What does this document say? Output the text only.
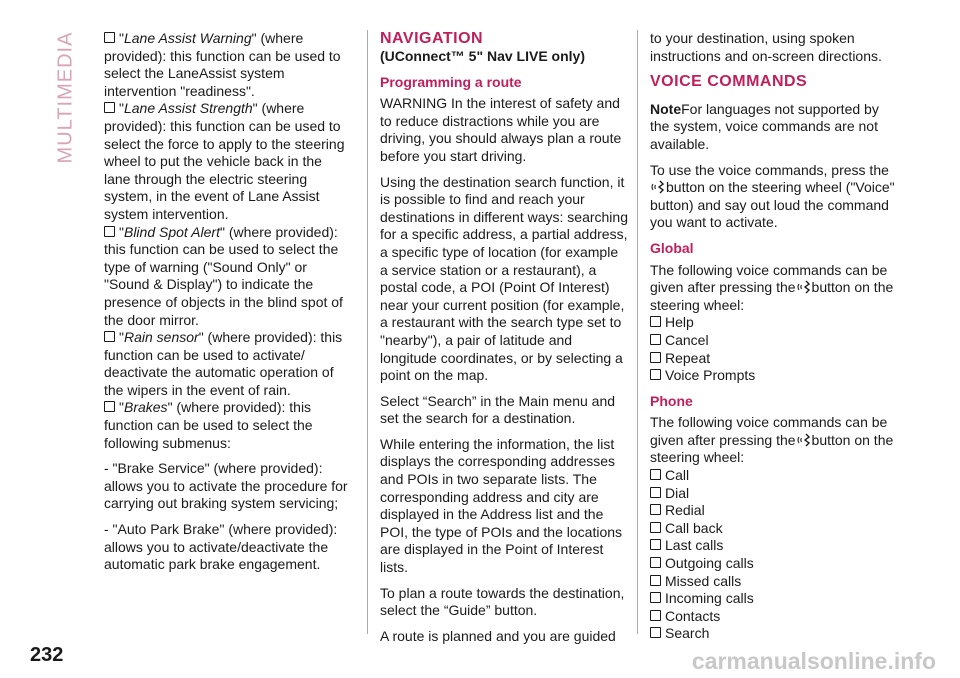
MULTIMEDIA	"Lane Assist Warning" (where provided): this function can be used to select the LaneAssist system intervention "readiness".
"Lane Assist Strength" (where provided): this function can be used to select the force to apply to the steering wheel to put the vehicle back in the lane through the electric steering system, in the event of Lane Assist system intervention.
"Blind Spot Alert" (where provided): this function can be used to select the type of warning ("Sound Only" or "Sound & Display") to indicate the presence of objects in the blind spot of the door mirror.
"Rain sensor" (where provided): this function can be used to activate/ deactivate the automatic operation of the wipers in the event of rain.
"Brakes" (where provided): this function can be used to select the following submenus:

- "Brake Service" (where provided): allows you to activate the procedure for carrying out braking system servicing;

- "Auto Park Brake" (where provided): allows you to activate/deactivate the automatic park brake engagement.

NAVIGATION
(UConnect™ 5" Nav LIVE only)
Programming a route

WARNING In the interest of safety and to reduce distractions while you are driving, you should always plan a route before you start driving.

Using the destination search function, it is possible to find and reach your destinations in different ways: searching for a specific address, a partial address, a specific type of location (for example a service station or a restaurant), a postal code, a POI (Point Of Interest) near your current position (for example, a restaurant with the search type set to "nearby"), a pair of latitude and longitude coordinates, or by selecting a point on the map.

Select “Search” in the Main menu and set the search for a destination.

While entering the information, the list displays the corresponding addresses and POIs in two separate lists. The corresponding address and city are displayed in the Address list and the POI, the type of POIs and the locations are displayed in the Point of Interest lists.

To plan a route towards the destination, select the “Guide” button.

A route is planned and you are guided

to your destination, using spoken instructions and on-screen directions.

VOICE COMMANDS

NoteFor languages not supported by the system, voice commands are not available.

To use the voice commands, press thebutton on the steering wheel ("Voice" button) and say out loud the command you want to activate.

Global
The following voice commands can be given after pressing the button on the steering wheel:
Help
Cancel
Repeat
Voice Prompts
Phone
The following voice commands can be given after pressing the button on the steering wheel:
Call
Dial
Redial
Call back
Last calls
Outgoing calls
Missed calls
Incoming calls
Contacts
Search
232	carmanualsonline.info
